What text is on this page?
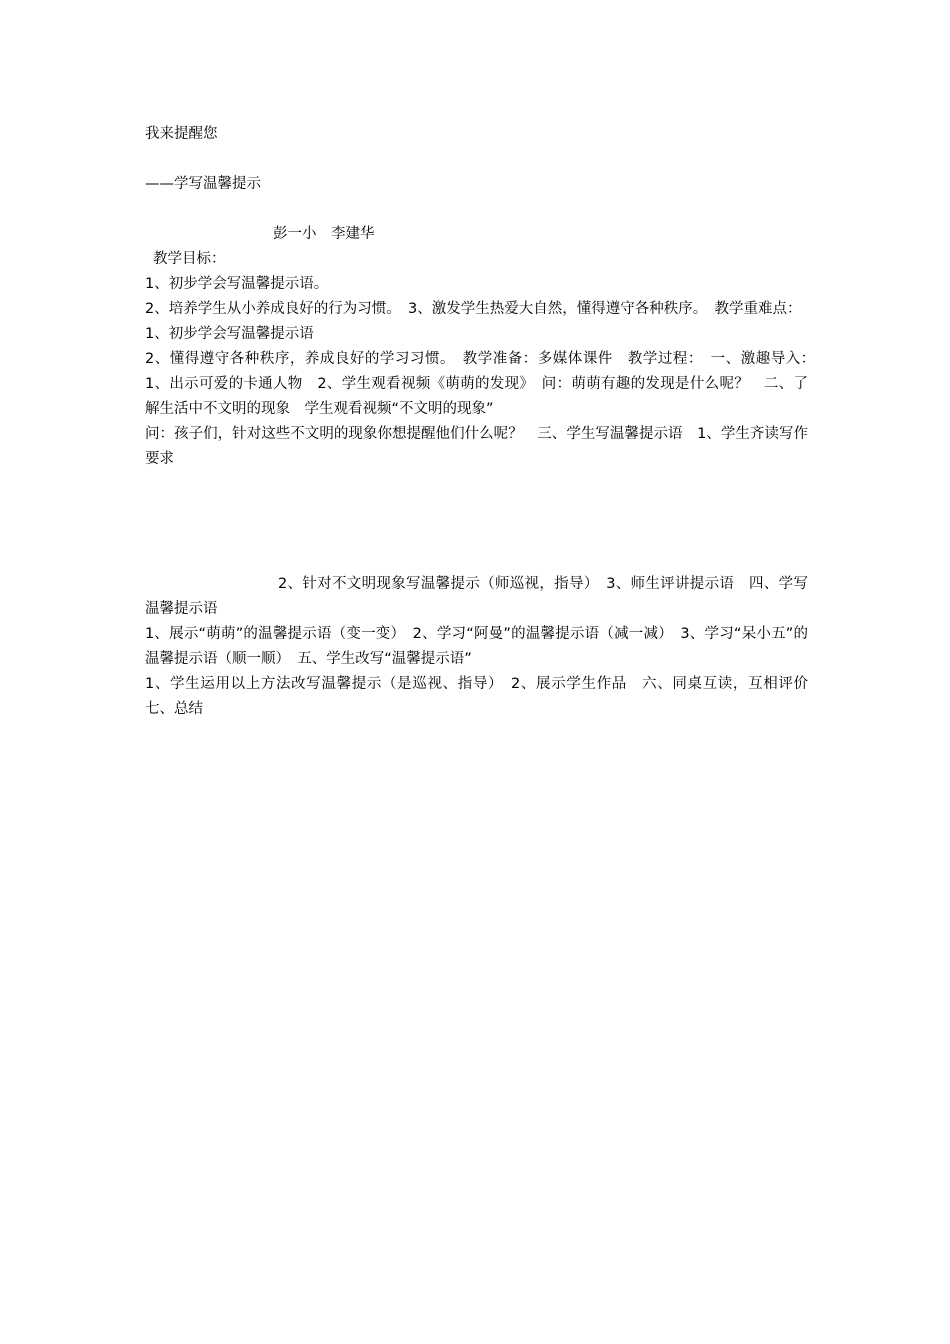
我来提醒您

——学写温馨提示

彭一小　李建华

教学目标：

1、初步学会写温馨提示语。

2、培养学生从小养成良好的行为习惯。　3、激发学生热爱大自然，懂得遵守各种秩序。　教学重难点：

1、初步学会写温馨提示语

2、懂得遵守各种秩序，养成良好的学习习惯。　教学准备：多媒体课件　教学过程：　一、激趣导入：　1、出示可爱的卡通人物　2、学生观看视频《萌萌的发现》　问：萌萌有趣的发现是什么呢？　二、了解生活中不文明的现象　学生观看视频“不文明的现象”

问：孩子们，针对这些不文明的现象你想提醒他们什么呢？　三、学生写温馨提示语　1、学生齐读写作要求

2、针对不文明现象写温馨提示（师巡视，指导）　3、师生评讲提示语　四、学写温馨提示语

1、展示“萌萌”的温馨提示语（变一变）　2、学习“阿曼”的温馨提示语（减一减）　3、学习“呆小五”的温馨提示语（顺一顺）　五、学生改写“温馨提示语”

1、学生运用以上方法改写温馨提示（是巡视、指导）　2、展示学生作品　六、同桌互读，互相评价　七、总结
